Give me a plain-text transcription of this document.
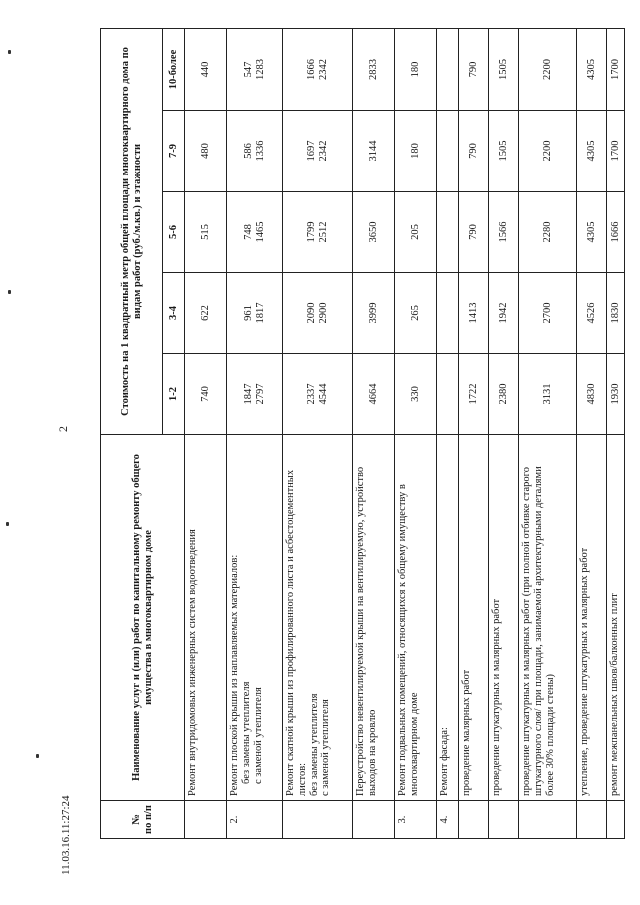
2
11.03.16.11:27:24	№
по п/п	Наименование услуг и (или) работ по капитальному ремонту общего имущества в многоквартирном доме	Стоимость на 1 квадратный метр общей площади многоквартирного дома по видам работ (руб./м.кв.) и этажности				
		1-2	3-4	5-6	7-9	10-более
	Ремонт внутридомовых инженерных систем водоотведения	740	622	515	480	440
2.	Ремонт плоской крыши из наплавляемых материалов: без замены утеплителя с заменой утеплителя	1847 2797	961 1817	748 1465	586 1336	547 1283

	Ремонт скатной крыши из профилированного листа и асбестоцементных листов: без замены утеплителя с заменой утеплителя	2337 4544	2090 2900	1799 2512	1697 2342	1666 2342

	Переустройство невентилируемой крыши на вентилируемую, устройство выходов на кровлю	4664	3999	3650	3144	2833
3.	Ремонт подвальных помещений, относящихся к общему имуществу в многоквартирном доме	330	265	205	180	180
4.	Ремонт фасада:					
	проведение малярных работ	1722	1413	790	790	790
	проведение штукатурных и малярных работ	2380	1942	1566	1505	1505
	проведение штукатурных и малярных работ (при полной отбивке старого штукатурного слоя/ при площади, занимаемой архитектурными деталями более 30% площади стены)	3131	2700	2280	2200	2200
	утепление, проведение штукатурных и малярных работ	4830	4526	4305	4305	4305
	ремонт межпанельных швов/балконных плит	1930	1830	1666	1700	1700
